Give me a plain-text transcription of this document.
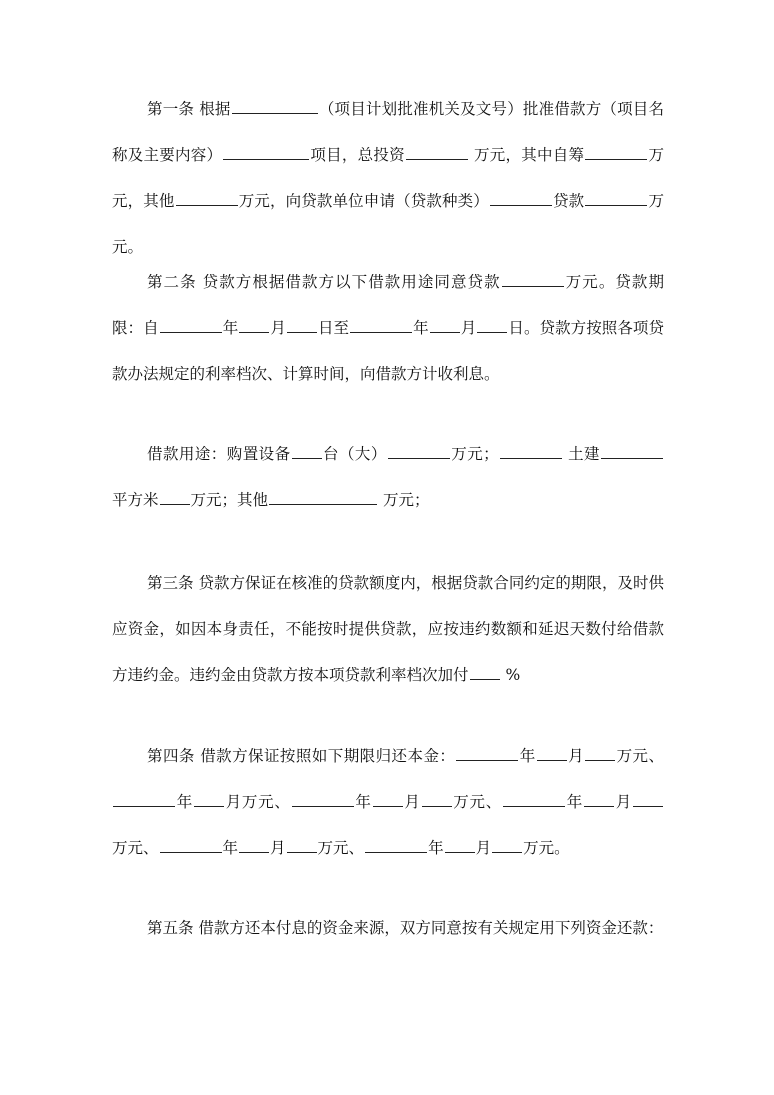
第一条 根据	（项目计划批准机关及文号）批准借款方（项目名称及主要内容）	项目，总投资	万元，其中自筹	万元，其他	万元，向贷款单位申请（贷款种类）	贷款	万元。

第二条 贷款方根据借款方以下借款用途同意贷款	万元。贷款期限：自	年 月 日至	年 月 日。贷款方按照各项贷款办法规定的利率档次、计算时间，向借款方计收利息。

借款用途：购置设备 台（大）	万元；	土建平方米 万元；其他	万元；

第三条 贷款方保证在核准的贷款额度内，根据贷款合同约定的期限，及时供应资金，如因本身责任，不能按时提供贷款，应按违约数额和延迟天数付给借款方违约金。违约金由贷款方按本项贷款利率档次加付 %

第四条 借款方保证按照如下期限归还本金：	年 月 万元、年 月万元、	年 月 万元、	年 月万元、	年 月 万元、	年 月 万元。

第五条 借款方还本付息的资金来源，双方同意按有关规定用下列资金还款：
